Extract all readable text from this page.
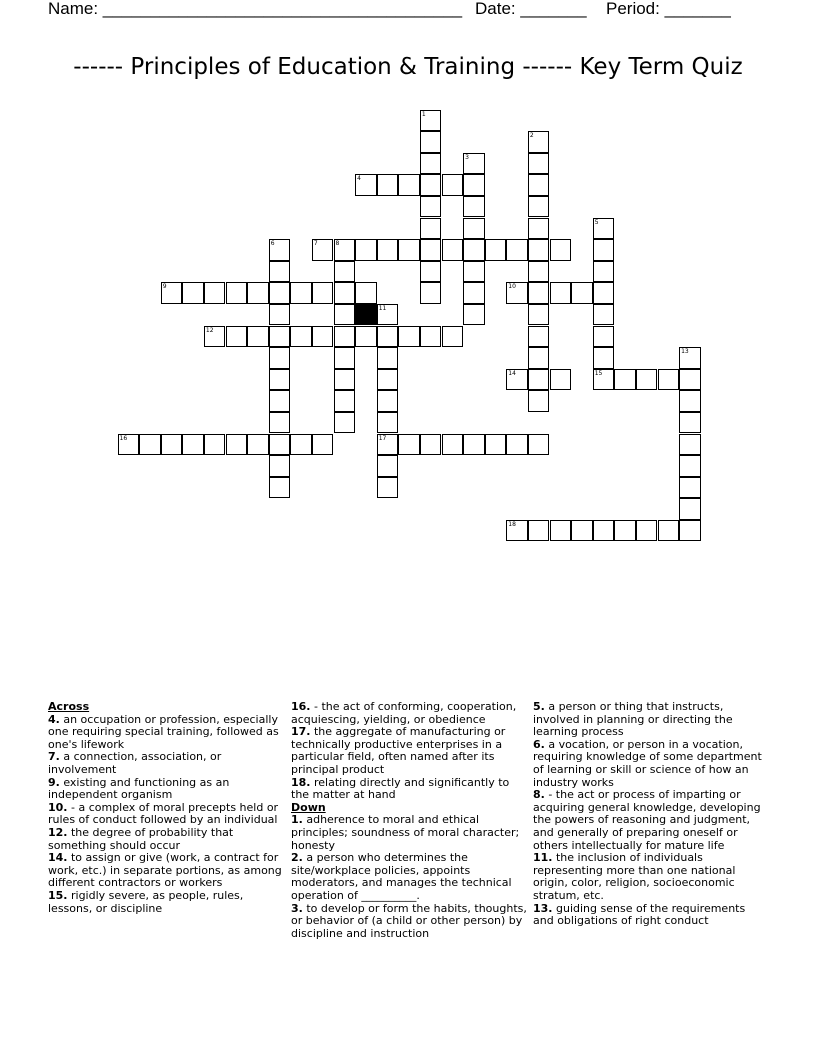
Name: ______________________________________ Date: _______ Period: _______
------ Principles of Education & Training ------ Key Term Quiz
1
2
3
4
5
15
6	7	8
9	10
11
17
12
13
14
16
18

Across

4. an occupation or profession, especially one requiring special training, followed as one's lifework

7. a connection, association, or involvement

9. existing and functioning as an independent organism

10. - a complex of moral precepts held or rules of conduct followed by an individual

12. the degree of probability that something should occur

14. to assign or give (work, a contract for work, etc.) in separate portions, as among different contractors or workers

15. rigidly severe, as people, rules, lessons, or discipline

16. - the act of conforming, cooperation, acquiescing, yielding, or obedience

17. the aggregate of manufacturing or technically productive enterprises in a particular field, often named after its principal product

18. relating directly and significantly to the matter at hand

Down

1. adherence to moral and ethical principles; soundness of moral character; honesty

2. a person who determines the site/workplace policies, appoints moderators, and manages the technical operation of __________.

3. to develop or form the habits, thoughts, or behavior of (a child or other person) by discipline and instruction

5. a person or thing that instructs, involved in planning or directing the learning process

6. a vocation, or person in a vocation, requiring knowledge of some department of learning or skill or science of how an industry works

8. - the act or process of imparting or acquiring general knowledge, developing the powers of reasoning and judgment, and generally of preparing oneself or others intellectually for mature life

11. the inclusion of individuals representing more than one national origin, color, religion, socioeconomic stratum, etc.

13. guiding sense of the requirements and obligations of right conduct
